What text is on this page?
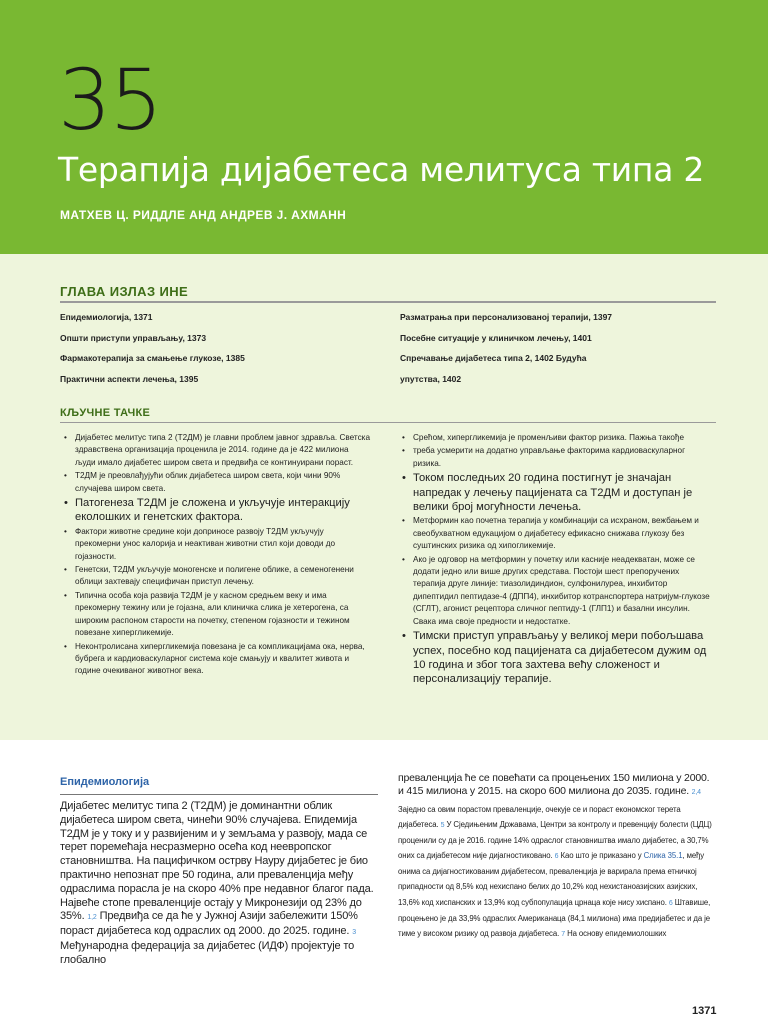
35
Терапија дијабетеса мелитуса типа 2
МАТХЕВ Ц. РИДДЛЕ АНД АНДРЕВ Ј. АХМАНН
ГЛАВА ИЗЛАЗ ИНЕ
Епидемиологија, 1371
Општи приступи управљању, 1373
Фармакотерапија за смањење глукозе, 1385
Практични аспекти лечења, 1395
Разматрања при персонализованој терапији, 1397
Посебне ситуације у клиничком лечењу, 1401
Спречавање дијабетеса типа 2, 1402 Будућа
упутства, 1402
КЉУЧНЕ ТАЧКЕ
• Дијабетес мелитус типа 2 (Т2ДМ) је главни проблем јавног здравља. Светска здравствена организација проценила је 2014. године да је 422 милиона људи имало дијабетес широм света и предвиђа се континуирани пораст.
• Т2ДМ је преовлађујући облик дијабетеса широм света, који чини 90% случајева широм света.
• Патогенеза Т2ДМ је сложена и укључује интеракцију еколошких и генетских фактора.
• Фактори животне средине који доприносе развоју Т2ДМ укључују прекомерни унос калорија и неактиван животни стил који доводи до гојазности.
• Генетски, Т2ДМ укључује моногенске и полигене облике, а семеногенени облици захтевају специфичан приступ лечењу.
• Типична особа која развија Т2ДМ је у касном средњем веку и има прекомерну тежину или је гојазна, али клиничка слика је хетерогена, са широким распоном старости на почетку, степеном гојазности и тежином повезане хипергликемије.
• Неконтролисана хипергликемија повезана је са компликацијама ока, нерва, бубрега и кардиоваскуларног система које смањују и квалитет живота и године очекиваног животног века.
• Срећом, хипергликемија је променљиви фактор ризика. Пажња такође
• треба усмерити на додатно управљање факторима кардиоваскуларног ризика.
• Током последњих 20 година постигнут је значајан напредак у лечењу пацијената са Т2ДМ и доступан је велики број могућности лечења.
• Метформин као почетна терапија у комбинацији са исхраном, вежбањем и свеобухватном едукацијом о дијабетесу ефикасно снижава глукозу без суштинских ризика од хипогликемије.
• Ако је одговор на метформин у почетку или касније неадекватан, може се додати једно или више других средстава. Постоји шест препоручених терапија друге линије: тиазолидиндион, сулфонилуреа, инхибитор дипептидил пептидазе-4 (ДПП4), инхибитор котранспортера натријум-глукозе (СГЛТ), агонист рецептора сличног пептиду-1 (ГЛП1) и базални инсулин. Свака има своје предности и недостатке.
• Тимски приступ управљању у великој мери побољшава успех, посебно код пацијената са дијабетесом дужим од 10 година и због тога захтева већу сложеност и персонализацију терапије.
Епидемиологија

Дијабетес мелитус типа 2 (Т2ДМ) је доминантни облик дијабетеса широм света, чинећи 90% случајева. Епидемија Т2ДМ је у току и у развијеним и у земљама у развоју, мада се терет поремећаја несразмерно осећа код неевропског становништва. На пацифичком острву Науру дијабетес је био практично непознат пре 50 година, али преваленција међу одраслима порасла је на скоро 40% пре недавног благог пада. Највеће стопе преваленције остају у Микронезији од 23% до 35%. 1,2 Предвиђа се да ће у Јужној Азији забележити 150% пораст дијабетеса код одраслих од 2000. до 2025. године. 3 Међународна федерација за дијабетес (ИДФ) пројектује то глобално

преваленција ће се повећати са процењених 150 милиона у 2000. и 415 милиона у 2015. на скоро 600 милиона до 2035. године. 2,4

Заједно са овим порастом преваленције, очекује се и пораст економског терета дијабетеса. 5 У Сједињеним Државама, Центри за контролу и превенцију болести (ЦДЦ) проценили су да је 2016. године 14% одраслог становништва имало дијабетес, а 30,7% оних са дијабетесом није дијагностиковано. 6 Као што је приказано у Слика 35.1, међу онима са дијагностикованим дијабетесом, преваленција је варирала према етничкој припадности од 8,5% код нехиспано белих до 10,2% код нехистанoазијских азијских, 13,6% код хиспанских и 13,9% код субпопулација црнаца које нису хиспано. 6 Штавише, процењено је да 33,9% одраслих Американаца (84,1 милиона) има предијабетес и да је тиме у високом ризику од развоја дијабетеса. 7 На основу епидемиолошких

1371
